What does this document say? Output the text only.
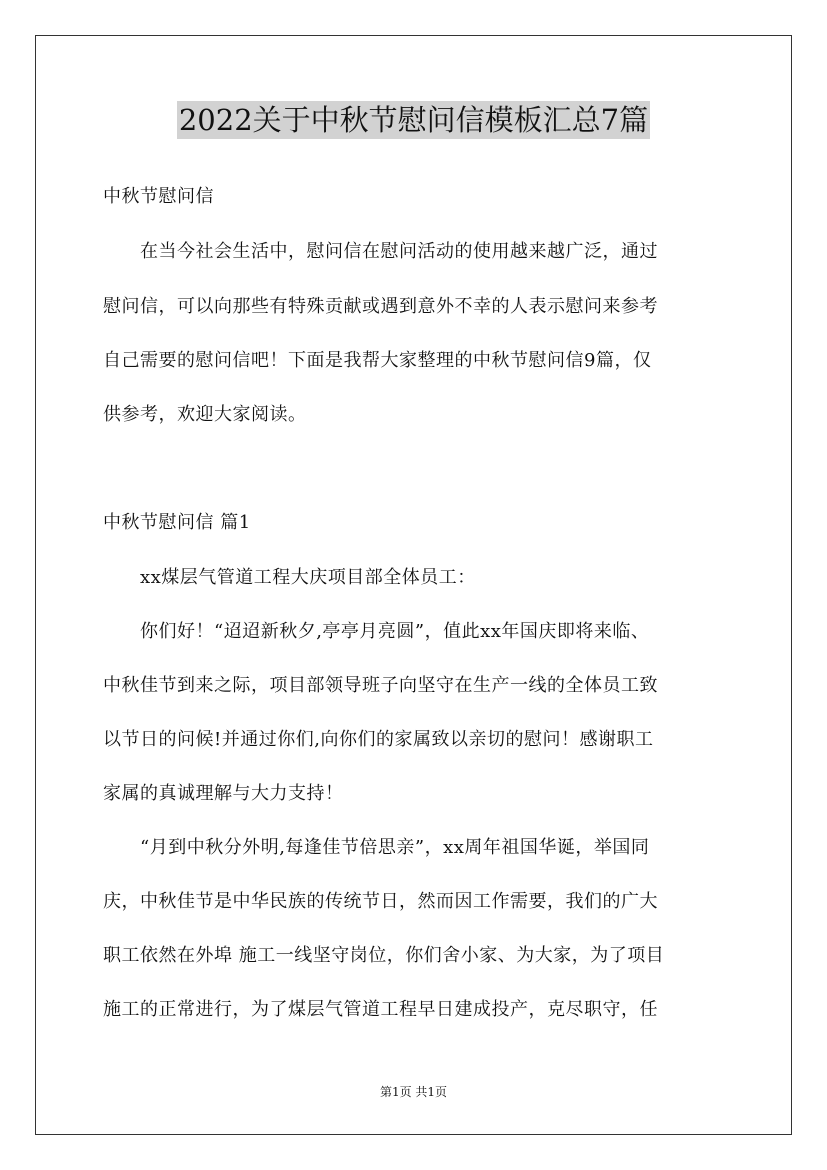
2022关于中秋节慰问信模板汇总7篇
中秋节慰问信
　　在当今社会生活中，慰问信在慰问活动的使用越来越广泛，通过
慰问信，可以向那些有特殊贡献或遇到意外不幸的人表示慰问来参考
自己需要的慰问信吧！下面是我帮大家整理的中秋节慰问信9篇，仅
供参考，欢迎大家阅读。
中秋节慰问信 篇1
　　xx煤层气管道工程大庆项目部全体员工：
　　你们好！“迢迢新秋夕,亭亭月亮圆”，值此xx年国庆即将来临、
中秋佳节到来之际，项目部领导班子向坚守在生产一线的全体员工致
以节日的问候!并通过你们,向你们的家属致以亲切的慰问！感谢职工
家属的真诚理解与大力支持！
　　“月到中秋分外明,每逢佳节倍思亲”，xx周年祖国华诞，举国同
庆，中秋佳节是中华民族的传统节日，然而因工作需要，我们的广大
职工依然在外埠 施工一线坚守岗位，你们舍小家、为大家，为了项目
施工的正常进行，为了煤层气管道工程早日建成投产，克尽职守，任
第1页 共1页
